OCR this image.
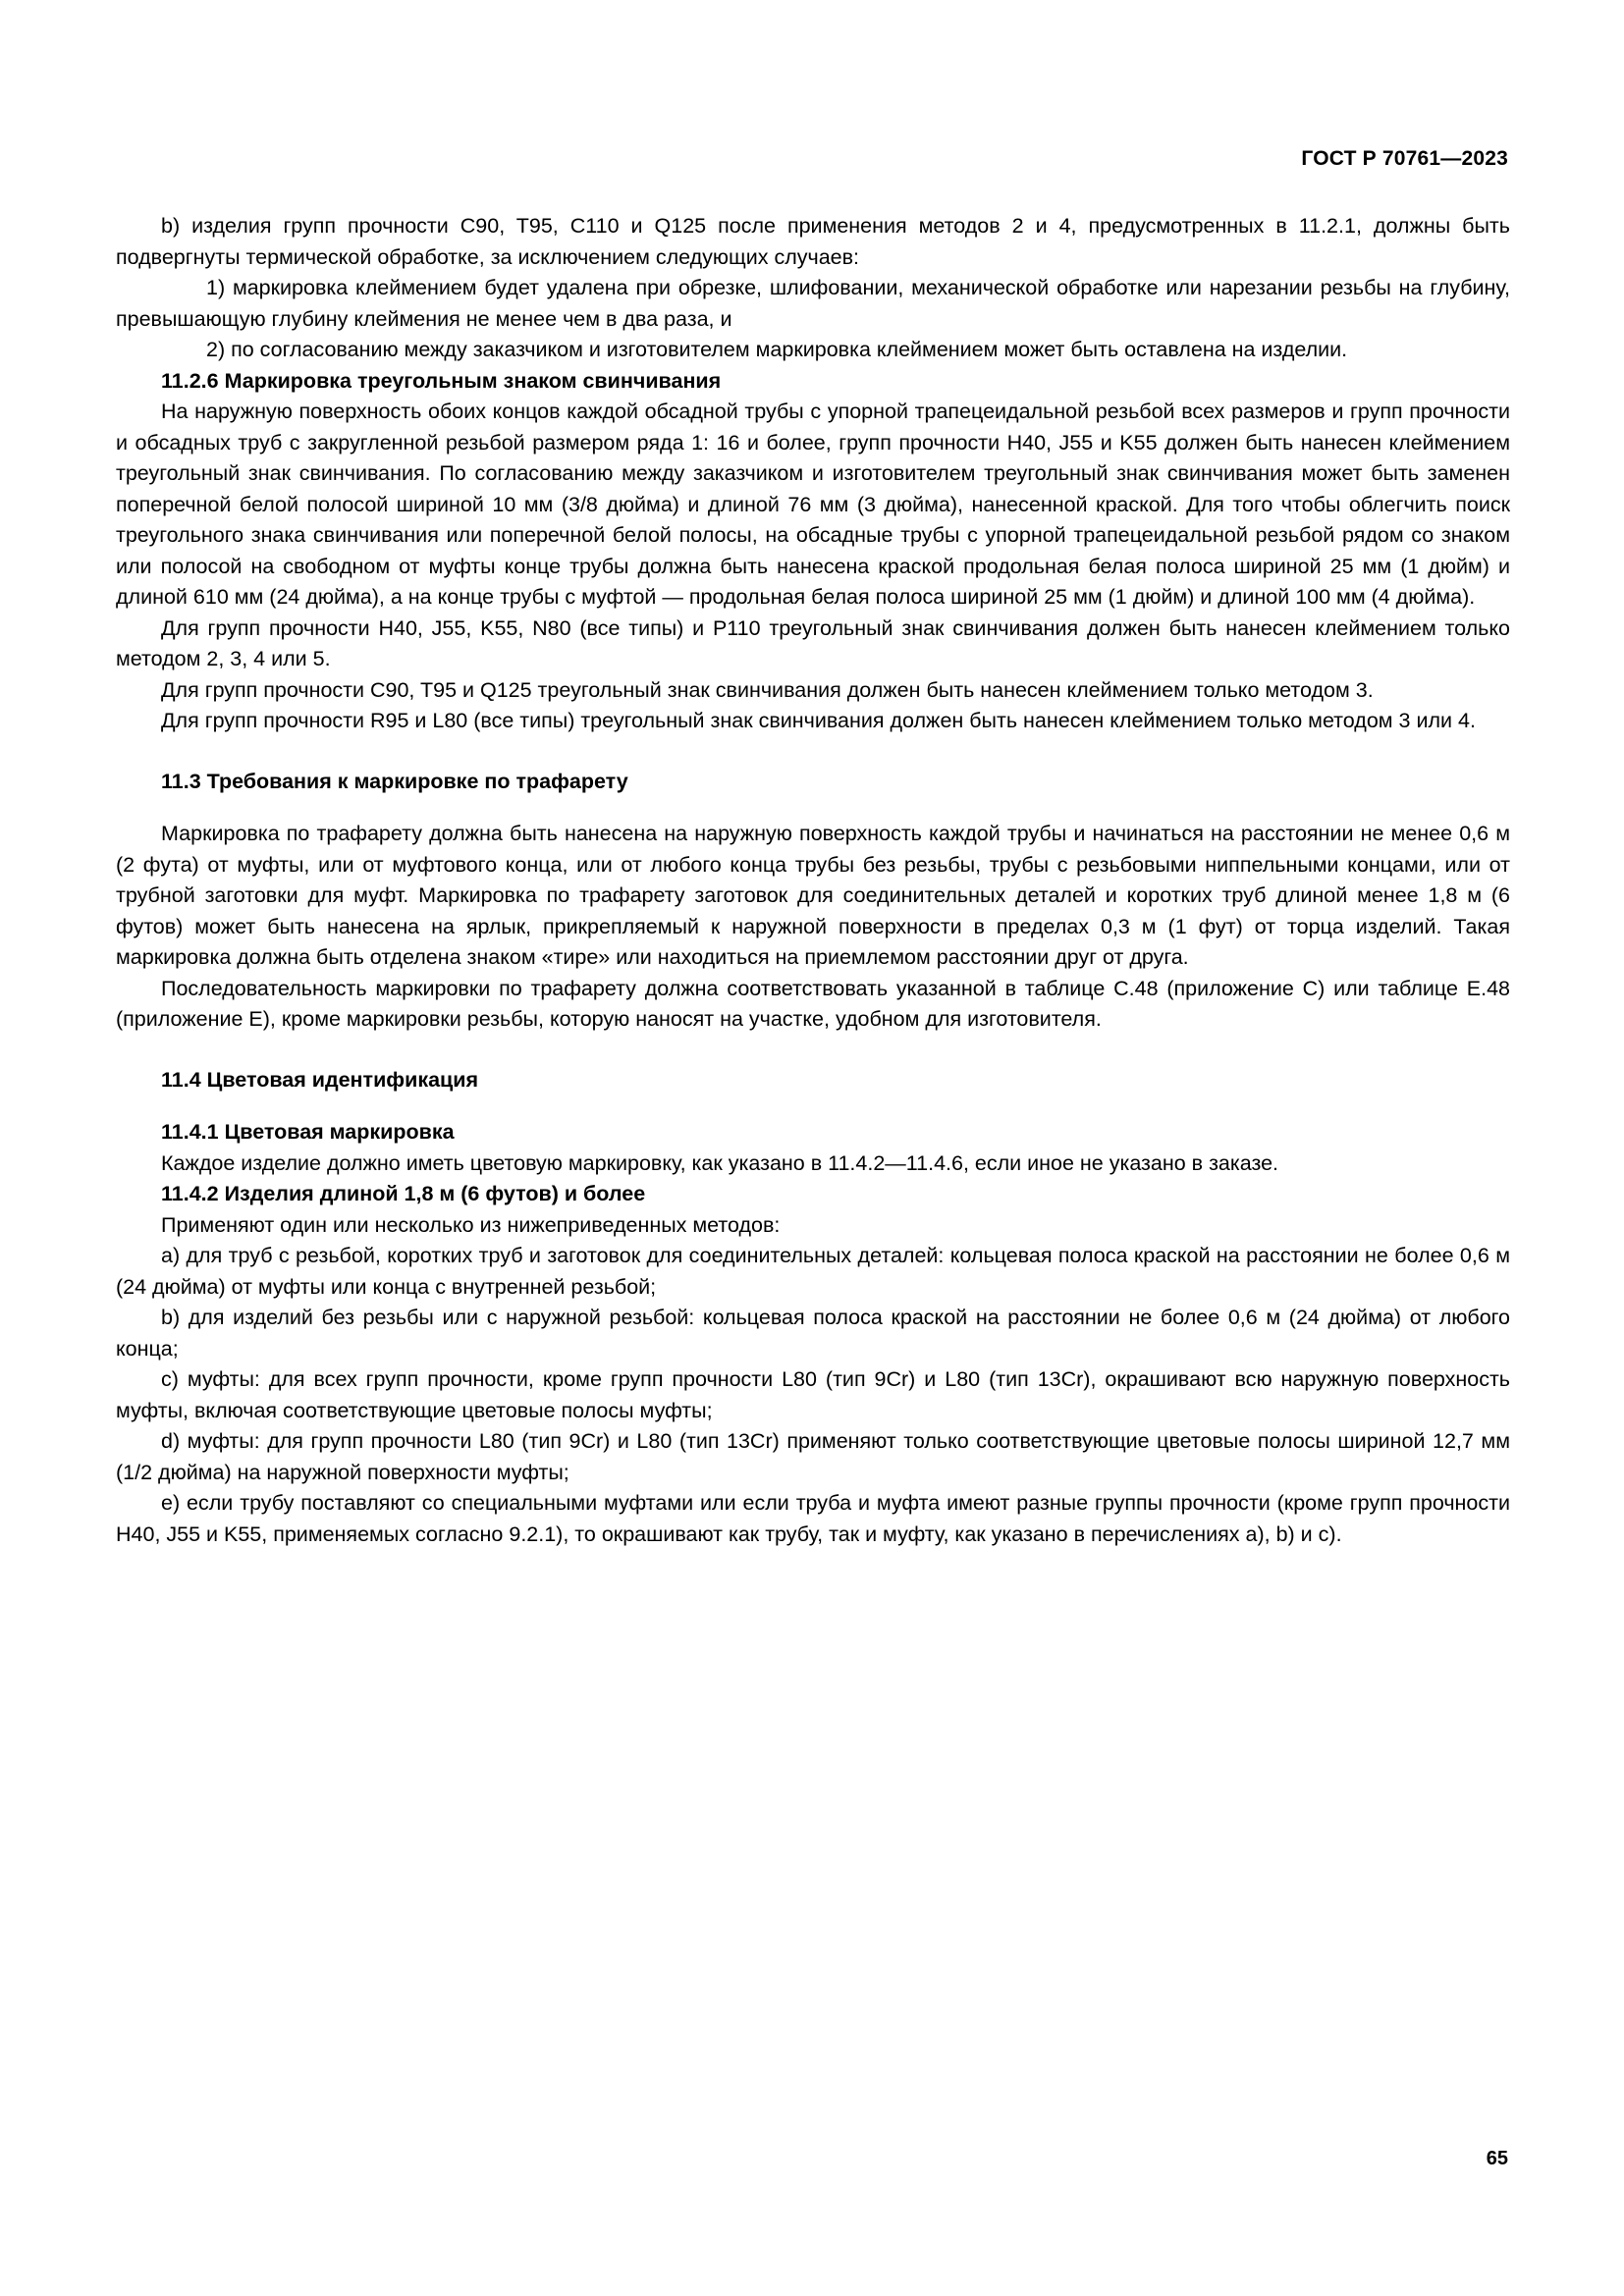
ГОСТ Р 70761—2023

b) изделия групп прочности C90, T95, C110 и Q125 после применения методов 2 и 4, предусмотренных в 11.2.1, должны быть подвергнуты термической обработке, за исключением следующих случаев:

1) маркировка клеймением будет удалена при обрезке, шлифовании, механической обработке или нарезании резьбы на глубину, превышающую глубину клеймения не менее чем в два раза, и

2) по согласованию между заказчиком и изготовителем маркировка клеймением может быть оставлена на изделии.

11.2.6 Маркировка треугольным знаком свинчивания

На наружную поверхность обоих концов каждой обсадной трубы с упорной трапецеидальной резьбой всех размеров и групп прочности и обсадных труб с закругленной резьбой размером ряда 1: 16 и более, групп прочности H40, J55 и K55 должен быть нанесен клеймением треугольный знак свинчивания. По согласованию между заказчиком и изготовителем треугольный знак свинчивания может быть заменен поперечной белой полосой шириной 10 мм (3/8 дюйма) и длиной 76 мм (3 дюйма), нанесенной краской. Для того чтобы облегчить поиск треугольного знака свинчивания или поперечной белой полосы, на обсадные трубы с упорной трапецеидальной резьбой рядом со знаком или полосой на свободном от муфты конце трубы должна быть нанесена краской продольная белая полоса шириной 25 мм (1 дюйм) и длиной 610 мм (24 дюйма), а на конце трубы с муфтой — продольная белая полоса шириной 25 мм (1 дюйм) и длиной 100 мм (4 дюйма).

Для групп прочности H40, J55, K55, N80 (все типы) и P110 треугольный знак свинчивания должен быть нанесен клеймением только методом 2, 3, 4 или 5.

Для групп прочности C90, T95 и Q125 треугольный знак свинчивания должен быть нанесен клеймением только методом 3.

Для групп прочности R95 и L80 (все типы) треугольный знак свинчивания должен быть нанесен клеймением только методом 3 или 4.

11.3 Требования к маркировке по трафарету

Маркировка по трафарету должна быть нанесена на наружную поверхность каждой трубы и начинаться на расстоянии не менее 0,6 м (2 фута) от муфты, или от муфтового конца, или от любого конца трубы без резьбы, трубы с резьбовыми ниппельными концами, или от трубной заготовки для муфт. Маркировка по трафарету заготовок для соединительных деталей и коротких труб длиной менее 1,8 м (6 футов) может быть нанесена на ярлык, прикрепляемый к наружной поверхности в пределах 0,3 м (1 фут) от торца изделий. Такая маркировка должна быть отделена знаком «тире» или находиться на приемлемом расстоянии друг от друга.

Последовательность маркировки по трафарету должна соответствовать указанной в таблице C.48 (приложение C) или таблице E.48 (приложение E), кроме маркировки резьбы, которую наносят на участке, удобном для изготовителя.

11.4 Цветовая идентификация
11.4.1 Цветовая маркировка

Каждое изделие должно иметь цветовую маркировку, как указано в 11.4.2—11.4.6, если иное не указано в заказе.

11.4.2 Изделия длиной 1,8 м (6 футов) и более

Применяют один или несколько из нижеприведенных методов:

a) для труб с резьбой, коротких труб и заготовок для соединительных деталей: кольцевая полоса краской на расстоянии не более 0,6 м (24 дюйма) от муфты или конца с внутренней резьбой;

b) для изделий без резьбы или с наружной резьбой: кольцевая полоса краской на расстоянии не более 0,6 м (24 дюйма) от любого конца;

c) муфты: для всех групп прочности, кроме групп прочности L80 (тип 9Cr) и L80 (тип 13Cr), окрашивают всю наружную поверхность муфты, включая соответствующие цветовые полосы муфты;

d) муфты: для групп прочности L80 (тип 9Cr) и L80 (тип 13Cr) применяют только соответствующие цветовые полосы шириной 12,7 мм (1/2 дюйма) на наружной поверхности муфты;

e) если трубу поставляют со специальными муфтами или если труба и муфта имеют разные группы прочности (кроме групп прочности H40, J55 и K55, применяемых согласно 9.2.1), то окрашивают как трубу, так и муфту, как указано в перечислениях a), b) и c).

65
